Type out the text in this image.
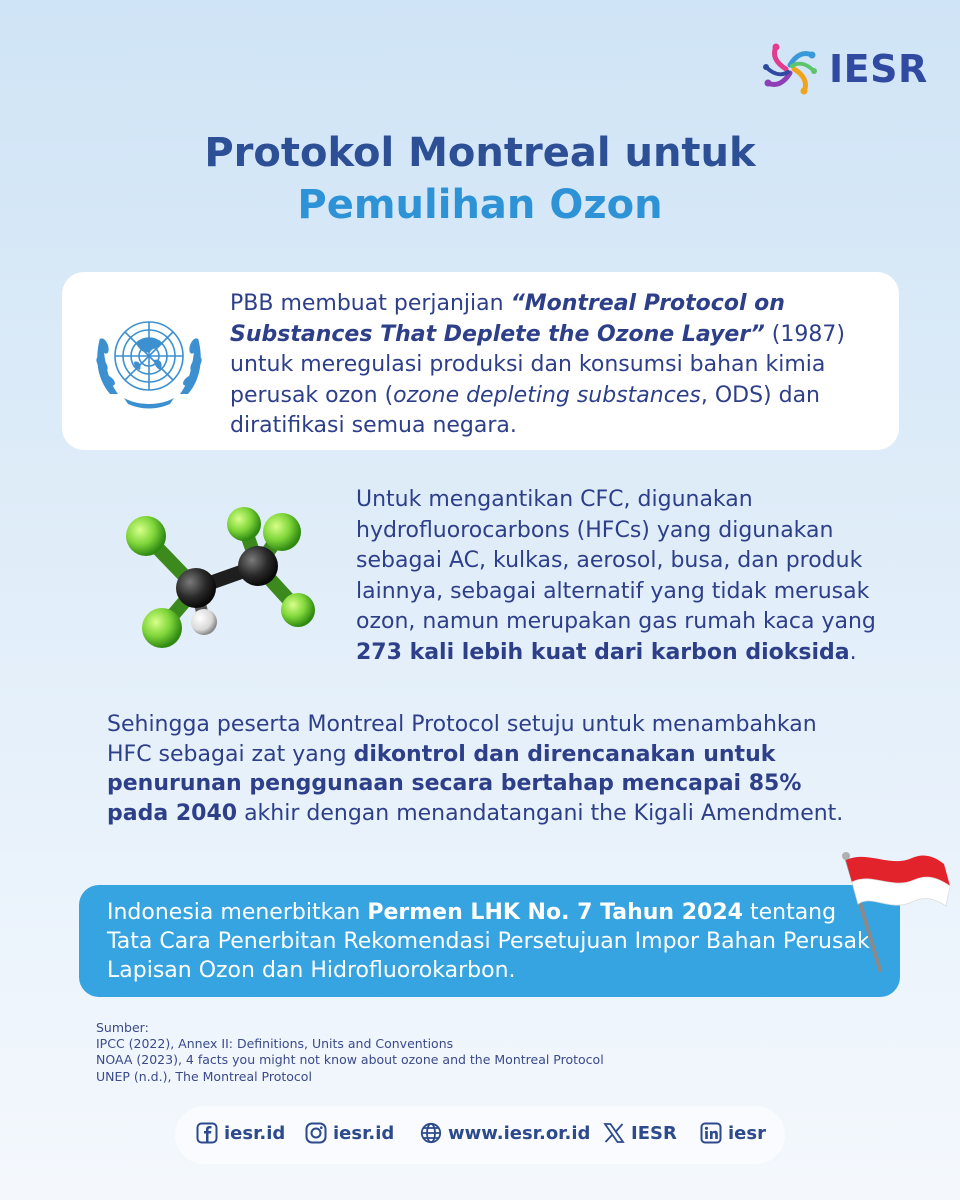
IESR
Protokol Montreal untuk
Pemulihan Ozon
PBB membuat perjanjian “Montreal Protocol on Substances That Deplete the Ozone Layer” (1987) untuk meregulasi produksi dan konsumsi bahan kimia perusak ozon (ozone depleting substances, ODS) dan diratifikasi semua negara.
Untuk mengantikan CFC, digunakan hydrofluorocarbons (HFCs) yang digunakan sebagai AC, kulkas, aerosol, busa, dan produk lainnya, sebagai alternatif yang tidak merusak ozon, namun merupakan gas rumah kaca yang 273 kali lebih kuat dari karbon dioksida.
Sehingga peserta Montreal Protocol setuju untuk menambahkan HFC sebagai zat yang dikontrol dan direncanakan untuk penurunan penggunaan secara bertahap mencapai 85% pada 2040 akhir dengan menandatangani the Kigali Amendment.
Indonesia menerbitkan Permen LHK No. 7 Tahun 2024 tentang Tata Cara Penerbitan Rekomendasi Persetujuan Impor Bahan Perusak Lapisan Ozon dan Hidrofluorokarbon.
Sumber:
IPCC (2022), Annex II: Definitions, Units and Conventions
NOAA (2023), 4 facts you might not know about ozone and the Montreal Protocol
UNEP (n.d.), The Montreal Protocol
iesr.id	iesr.id	www.iesr.or.id IESR	iesr
